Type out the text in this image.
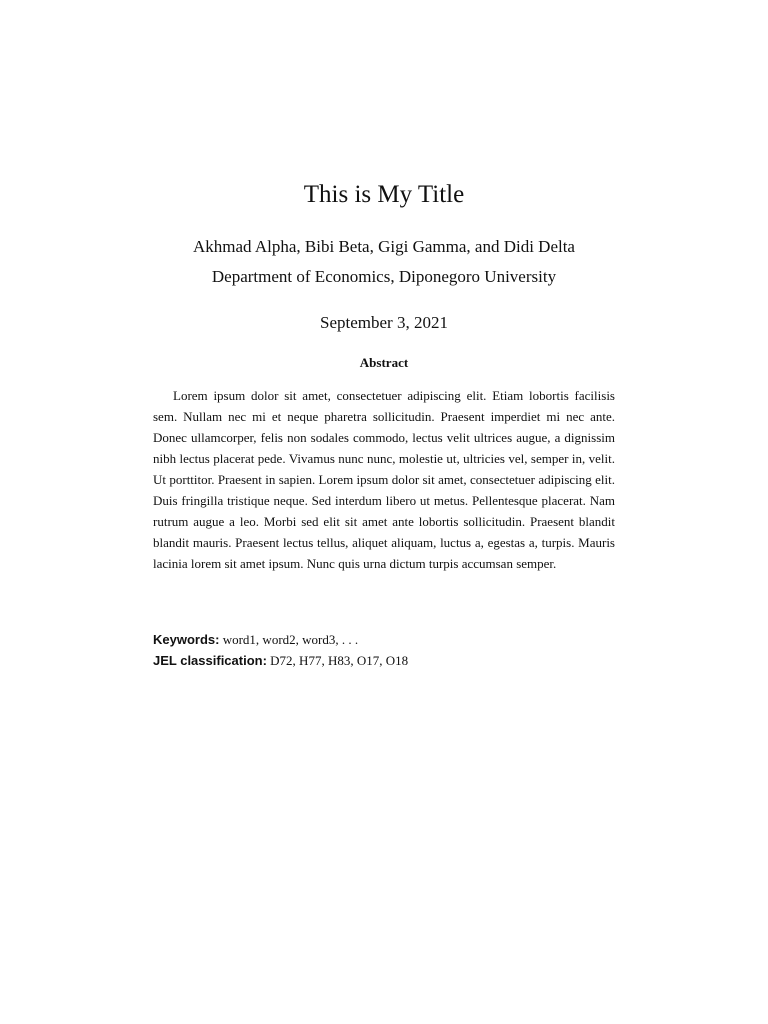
This is My Title
Akhmad Alpha, Bibi Beta, Gigi Gamma, and Didi Delta
Department of Economics, Diponegoro University
September 3, 2021
Abstract

Lorem ipsum dolor sit amet, consectetuer adipiscing elit. Etiam lobortis facilisis sem. Nullam nec mi et neque pharetra sollicitudin. Praesent imperdiet mi nec ante. Donec ullamcorper, felis non sodales commodo, lectus velit ultrices augue, a dignissim nibh lectus placerat pede. Vivamus nunc nunc, molestie ut, ultricies vel, semper in, velit. Ut porttitor. Praesent in sapien. Lorem ipsum dolor sit amet, consectetuer adipiscing elit. Duis fringilla tristique neque. Sed interdum libero ut metus. Pellentesque placerat. Nam rutrum augue a leo. Morbi sed elit sit amet ante lobortis sollicitudin. Praesent blandit blandit mauris. Praesent lectus tellus, aliquet aliquam, luctus a, egestas a, turpis. Mauris lacinia lorem sit amet ipsum. Nunc quis urna dictum turpis accumsan semper.

Keywords: word1, word2, word3, . . .
JEL classification: D72, H77, H83, O17, O18
